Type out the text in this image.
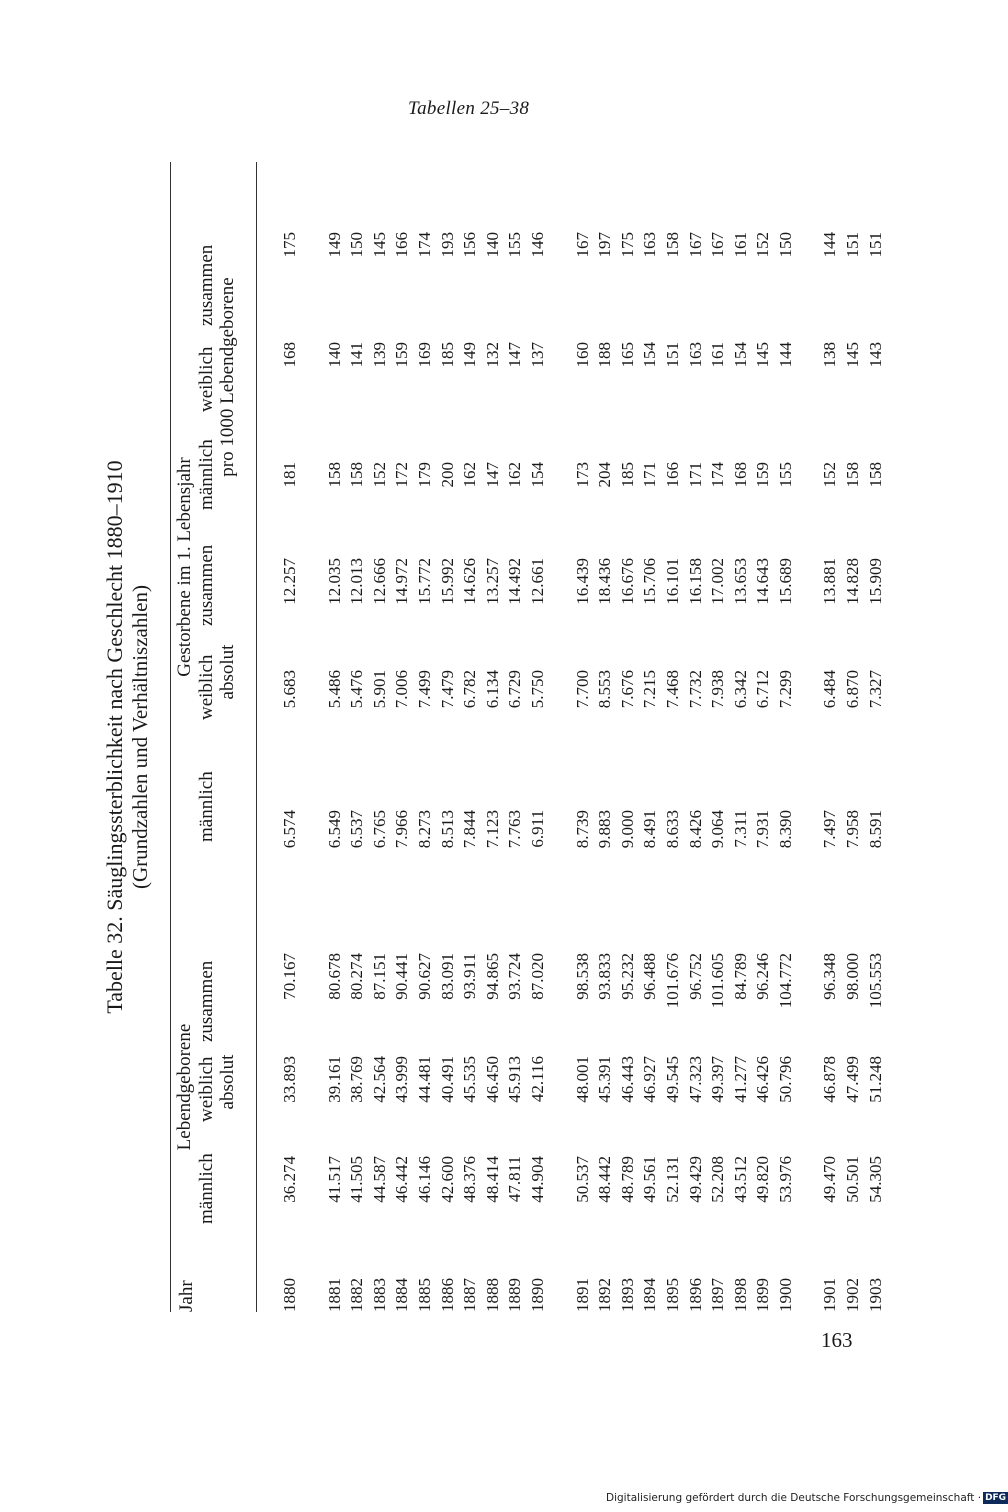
Tabellen 25–38
Tabelle 32. Säuglingssterblichkeit nach Geschlecht 1880–1910 (Grundzahlen und Verhältniszahlen)
Jahr
Lebendgeborene
männlich
weiblich
zusammen
absolut
Gestorbene im 1. Lebensjahr
männlich
weiblich
zusammen
absolut
männlich
weiblich
zusammen pro 1000 Lebendgeborene
1880 1881 1882 1883 1884 1885 1886 1887 1888 1889 1890 1891 1892 1893 1894 1895 1896 1897 1898 1899 1900 1901 1902 1903
36.274 41.517 41.505 44.587 46.442 46.146 42.600 48.376 48.414 47.811 44.904 50.537 48.442 48.789 49.561 52.131 49.429 52.208 43.512 49.820 53.976 49.470 50.501 54.305
33.893 39.161 38.769 42.564 43.999 44.481 40.491 45.535 46.450 45.913 42.116 48.001 45.391 46.443 46.927 49.545 47.323 49.397 41.277 46.426 50.796 46.878 47.499 51.248
70.167 80.678 80.274 87.151 90.441 90.627 83.091 93.911 94.865 93.724 87.020 98.538 93.833 95.232 96.488 101.676 96.752 101.605 84.789 96.246 104.772 96.348 98.000 105.553
6.574 6.549 6.537 6.765 7.966 8.273 8.513 7.844 7.123 7.763 6.911 8.739 9.883 9.000 8.491 8.633 8.426 9.064 7.311 7.931 8.390 7.497 7.958 8.591
5.683 5.486 5.476 5.901 7.006 7.499 7.479 6.782 6.134 6.729 5.750 7.700 8.553 7.676 7.215 7.468 7.732 7.938 6.342 6.712 7.299 6.484 6.870 7.327
12.257 12.035 12.013 12.666 14.972 15.772 15.992 14.626 13.257 14.492 12.661 16.439 18.436 16.676 15.706 16.101 16.158 17.002 13.653 14.643 15.689 13.881 14.828 15.909
181 158 158 152 172 179 200 162 147 162 154 173 204 185 171 166 171 174 168 159 155 152 158 158
168 140 141 139 159 169 185 149 132 147 137 160 188 165 154 151 163 161 154 145 144 138 145 143
175 149 150 145 166 174 193 156 140 155 146 167 197 175 163 158 167 167 161 152 150 144 151 151
163
Digitalisierung gefördert durch die Deutsche Forschungsgemeinschaft · DFG
